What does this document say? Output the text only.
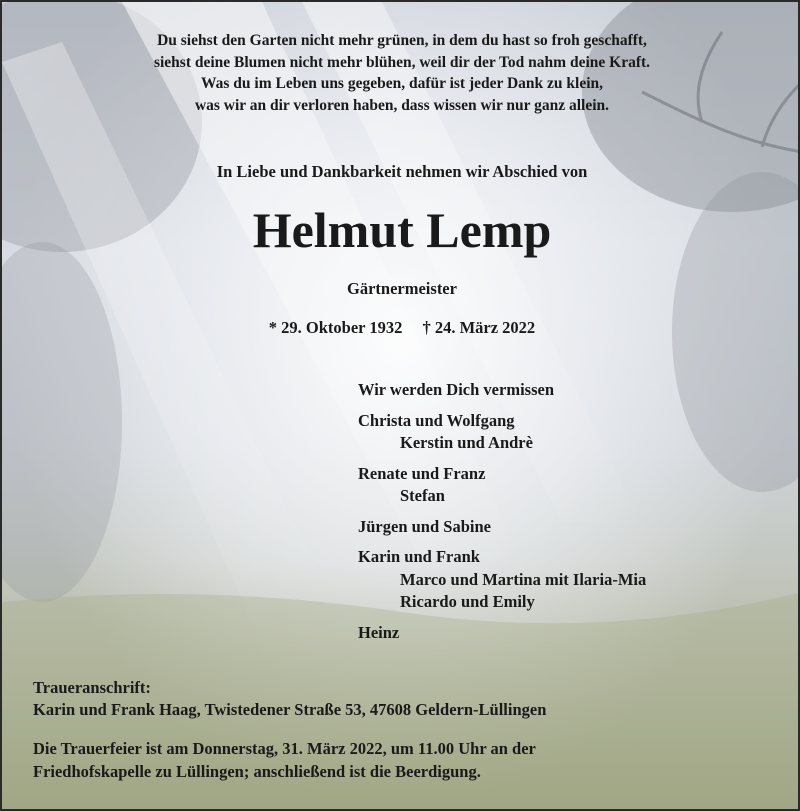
Du siehst den Garten nicht mehr grünen, in dem du hast so froh geschafft,
siehst deine Blumen nicht mehr blühen, weil dir der Tod nahm deine Kraft.
Was du im Leben uns gegeben, dafür ist jeder Dank zu klein,
was wir an dir verloren haben, dass wissen wir nur ganz allein.
In Liebe und Dankbarkeit nehmen wir Abschied von
Helmut Lemp
Gärtnermeister
* 29. Oktober 1932 † 24. März 2022
Wir werden Dich vermissen
Christa und Wolfgang
Kerstin und Andrè
Renate und Franz
Stefan
Jürgen und Sabine
Karin und Frank
Marco und Martina mit Ilaria-Mia
Ricardo und Emily
Heinz
Traueranschrift:
Karin und Frank Haag, Twistedener Straße 53, 47608 Geldern-Lüllingen
Die Trauerfeier ist am Donnerstag, 31. März 2022, um 11.00 Uhr an der
Friedhofskapelle zu Lüllingen; anschließend ist die Beerdigung.
